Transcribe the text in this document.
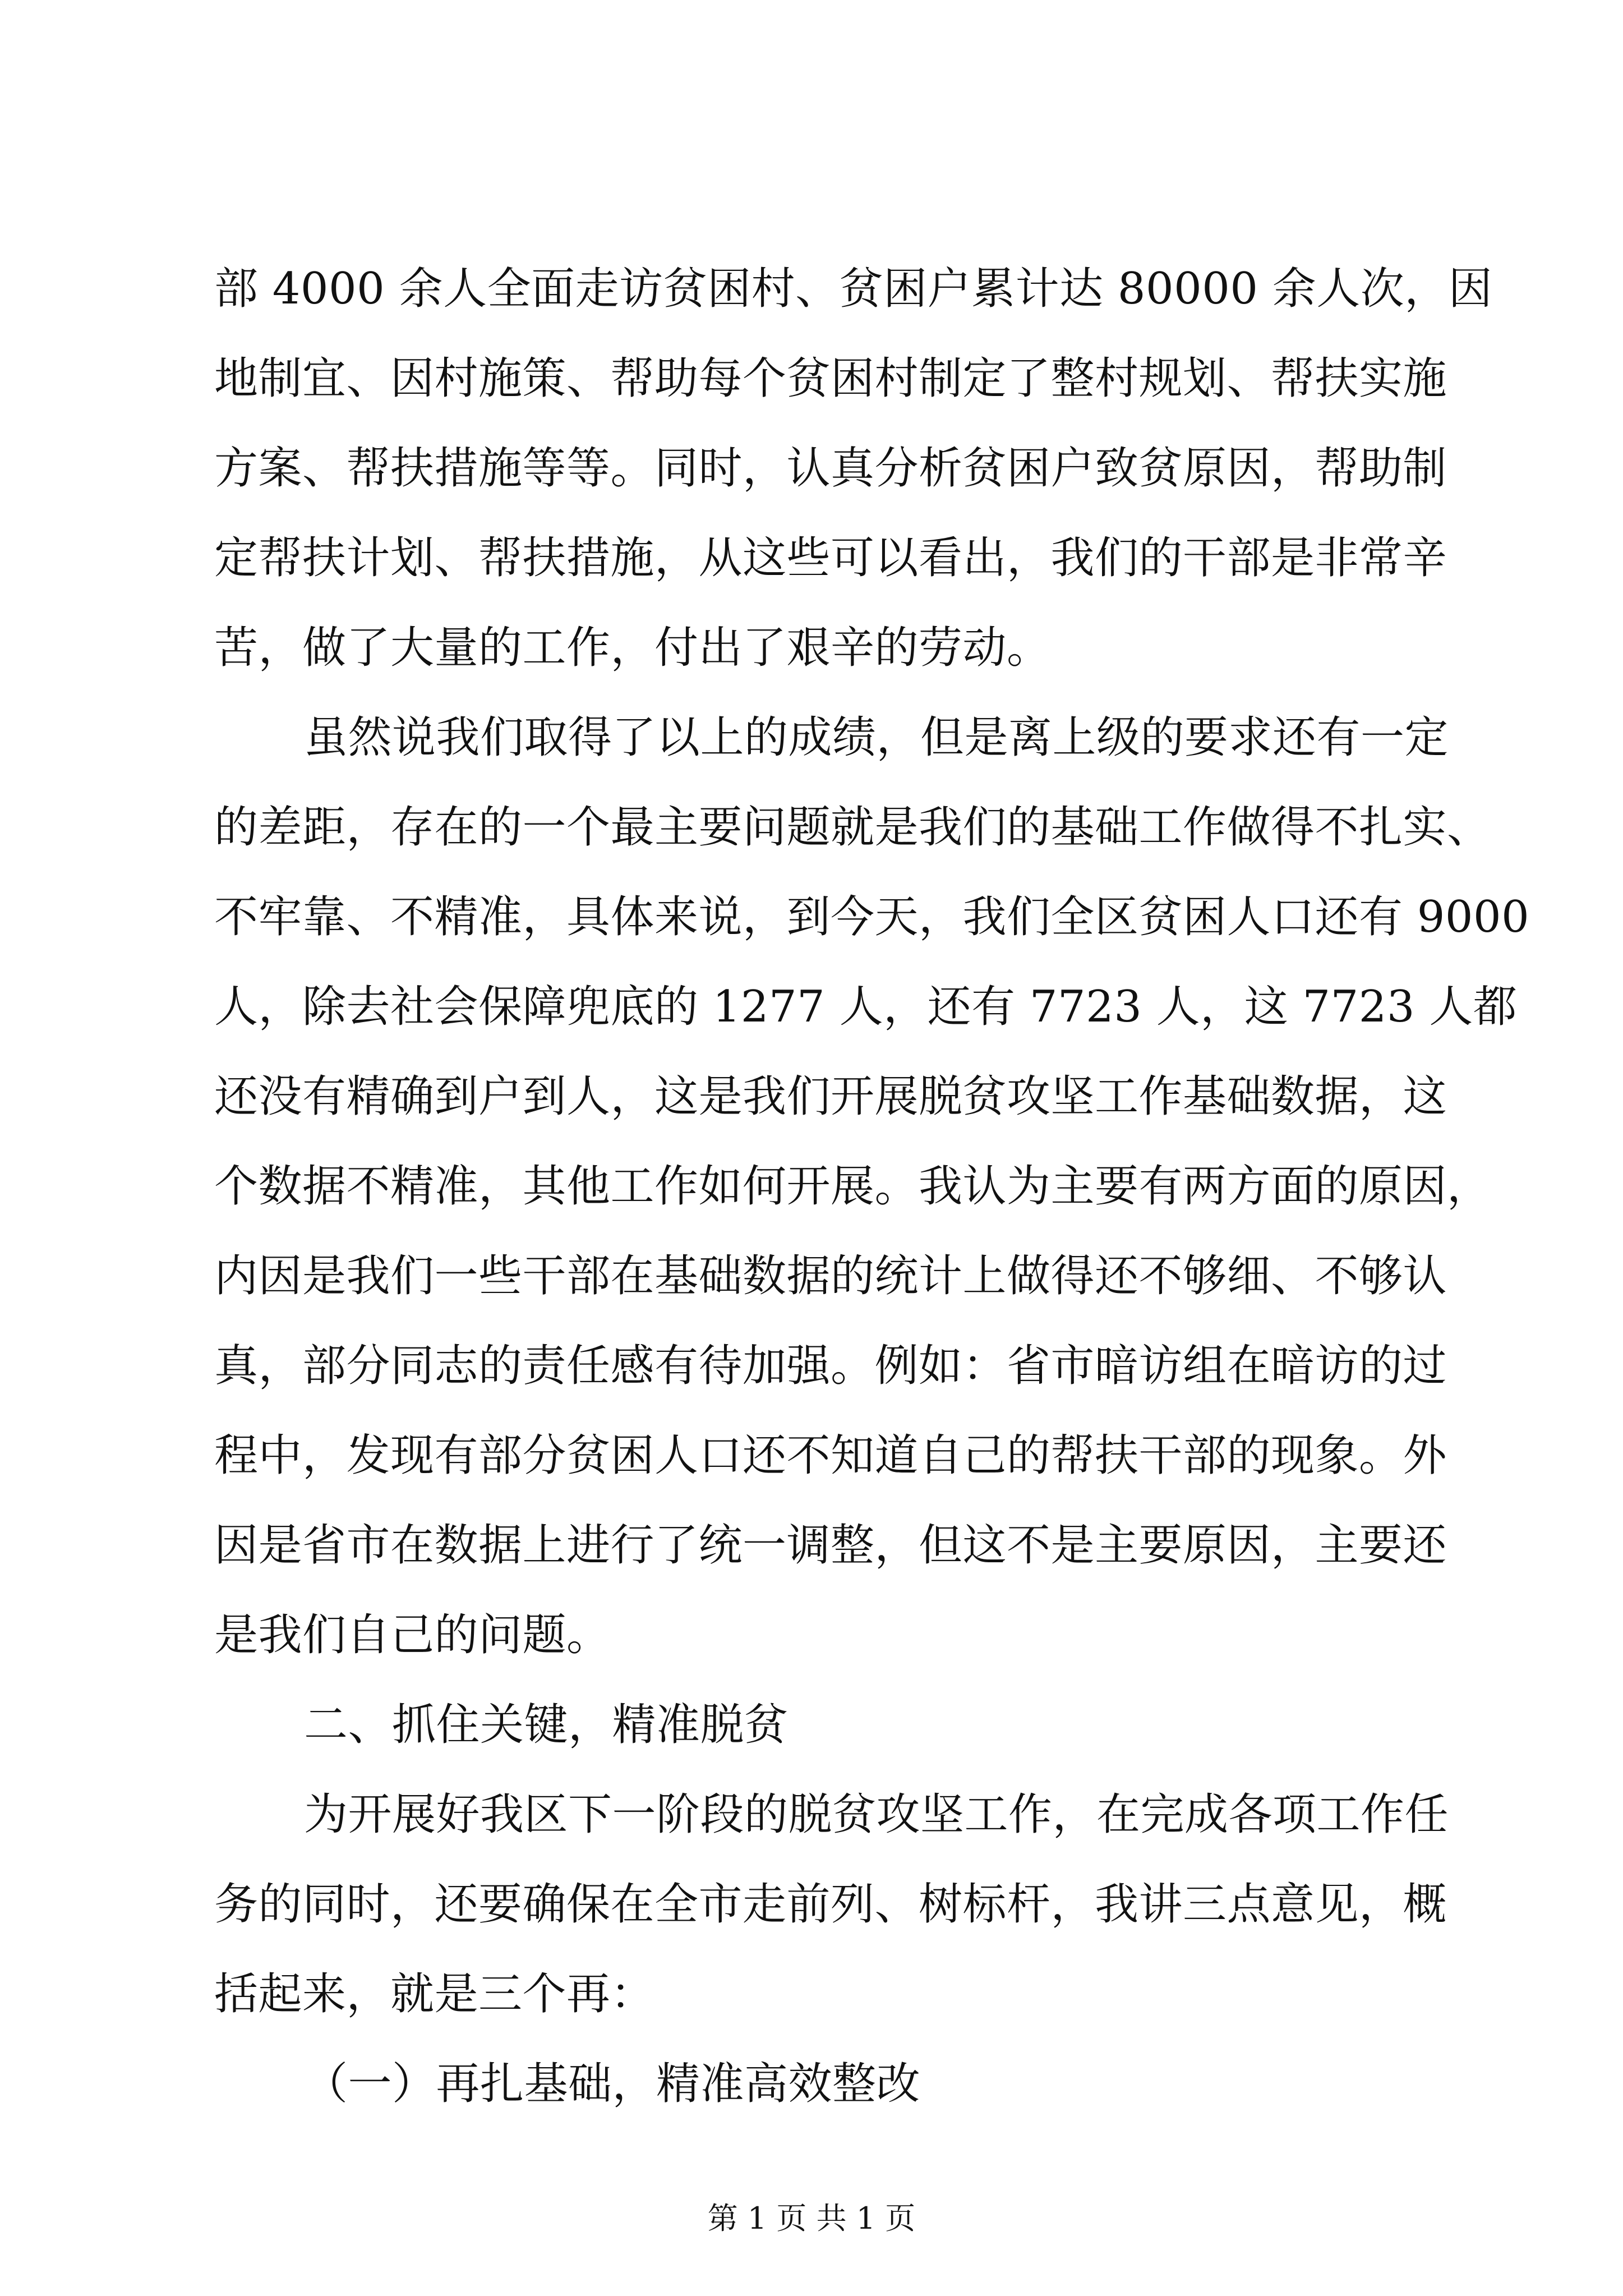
部 4000 余人全面走访贫困村、贫困户累计达 80000 余人次，因
地制宜、因村施策、帮助每个贫困村制定了整村规划、帮扶实施
方案、帮扶措施等等。同时，认真分析贫困户致贫原因，帮助制
定帮扶计划、帮扶措施，从这些可以看出，我们的干部是非常辛
苦，做了大量的工作，付出了艰辛的劳动。
虽然说我们取得了以上的成绩，但是离上级的要求还有一定
的差距，存在的一个最主要问题就是我们的基础工作做得不扎实、
不牢靠、不精准，具体来说，到今天，我们全区贫困人口还有 9000
人，除去社会保障兜底的 1277 人，还有 7723 人，这 7723 人都
还没有精确到户到人，这是我们开展脱贫攻坚工作基础数据，这
个数据不精准，其他工作如何开展。我认为主要有两方面的原因，
内因是我们一些干部在基础数据的统计上做得还不够细、不够认
真，部分同志的责任感有待加强。例如：省市暗访组在暗访的过
程中，发现有部分贫困人口还不知道自己的帮扶干部的现象。外
因是省市在数据上进行了统一调整，但这不是主要原因，主要还
是我们自己的问题。
二、抓住关键，精准脱贫
为开展好我区下一阶段的脱贫攻坚工作，在完成各项工作任
务的同时，还要确保在全市走前列、树标杆，我讲三点意见，概
括起来，就是三个再：
（一）再扎基础，精准高效整改
第 1 页 共 1 页
